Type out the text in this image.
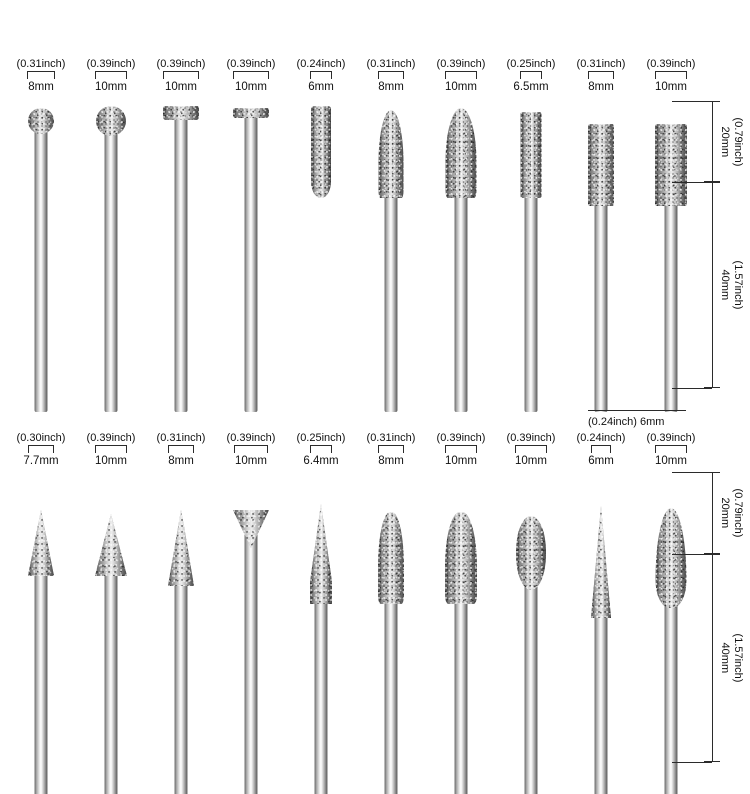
(0.31inch)
8mm
(0.39inch)
10mm
(0.39inch)
10mm
(0.39inch)
10mm
(0.24inch)
6mm
(0.31inch)
8mm
(0.39inch)
10mm
(0.25inch)
6.5mm
(0.31inch)
8mm
(0.39inch)
10mm
(0.79inch)
20mm
(1.57inch)
40mm
(0.24inch) 6mm
(0.30inch)
7.7mm
(0.39inch)
10mm
(0.31inch)
8mm
(0.39inch)
10mm
(0.25inch)
6.4mm
(0.31inch)
8mm
(0.39inch)
10mm
(0.39inch)
10mm
(0.24inch)
6mm
(0.39inch)
10mm
(0.79inch)
20mm
(1.57inch)
40mm
